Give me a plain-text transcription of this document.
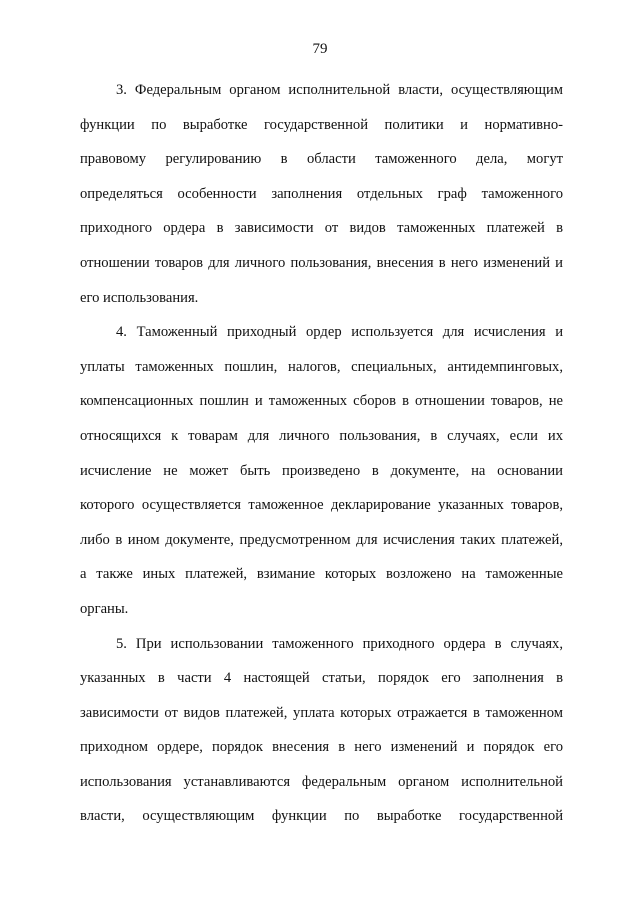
79
3. Федеральным органом исполнительной власти, осуществляющим
функции по выработке государственной политики и нормативно-
правовому регулированию в области таможенного дела, могут
определяться особенности заполнения отдельных граф таможенного
приходного ордера в зависимости от видов таможенных платежей в
отношении товаров для личного пользования, внесения в него изменений и
его использования.
4. Таможенный приходный ордер используется для исчисления и
уплаты таможенных пошлин, налогов, специальных, антидемпинговых,
компенсационных пошлин и таможенных сборов в отношении товаров, не
относящихся к товарам для личного пользования, в случаях, если их
исчисление не может быть произведено в документе, на основании
которого осуществляется таможенное декларирование указанных товаров,
либо в ином документе, предусмотренном для исчисления таких платежей,
а также иных платежей, взимание которых возложено на таможенные
органы.
5. При использовании таможенного приходного ордера в случаях,
указанных в части 4 настоящей статьи, порядок его заполнения в
зависимости от видов платежей, уплата которых отражается в таможенном
приходном ордере, порядок внесения в него изменений и порядок его
использования устанавливаются федеральным органом исполнительной
власти, осуществляющим функции по выработке государственной
